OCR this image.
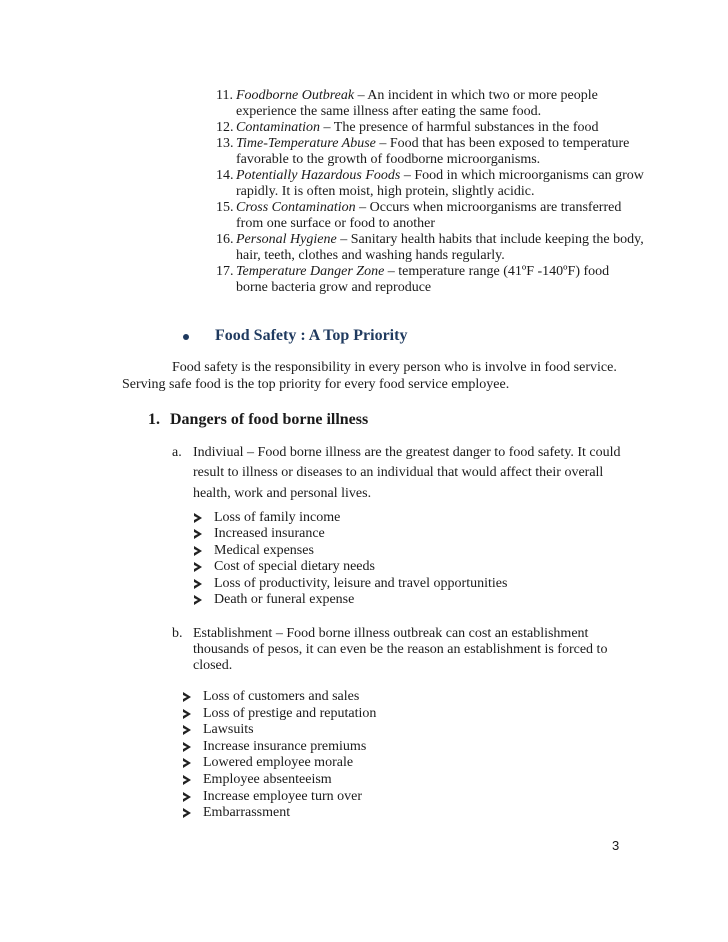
11. Foodborne Outbreak – An incident in which two or more people
experience the same illness after eating the same food.
12. Contamination – The presence of harmful substances in the food
13. Time-Temperature Abuse – Food that has been exposed to temperature
favorable to the growth of foodborne microorganisms.
14. Potentially Hazardous Foods – Food in which microorganisms can grow
rapidly. It is often moist, high protein, slightly acidic.
15. Cross Contamination – Occurs when microorganisms are transferred
from one surface or food to another
16. Personal Hygiene – Sanitary health habits that include keeping the body,
hair, teeth, clothes and washing hands regularly.
17. Temperature Danger Zone – temperature range (41ºF -140ºF) food
borne bacteria grow and reproduce
Food Safety : A Top Priority
Food safety is the responsibility in every person who is involve in food service.
Serving safe food is the top priority for every food service employee.
1. Dangers of food borne illness
a. Indiviual – Food borne illness are the greatest danger to food safety. It could
result to illness or diseases to an individual that would affect their overall
health, work and personal lives.
Loss of family income
Increased insurance
Medical expenses
Cost of special dietary needs
Loss of productivity, leisure and travel opportunities
Death or funeral expense
b. Establishment – Food borne illness outbreak can cost an establishment
thousands of pesos, it can even be the reason an establishment is forced to
closed.
Loss of customers and sales
Loss of prestige and reputation
Lawsuits
Increase insurance premiums
Lowered employee morale
Employee absenteeism
Increase employee turn over
Embarrassment
3
